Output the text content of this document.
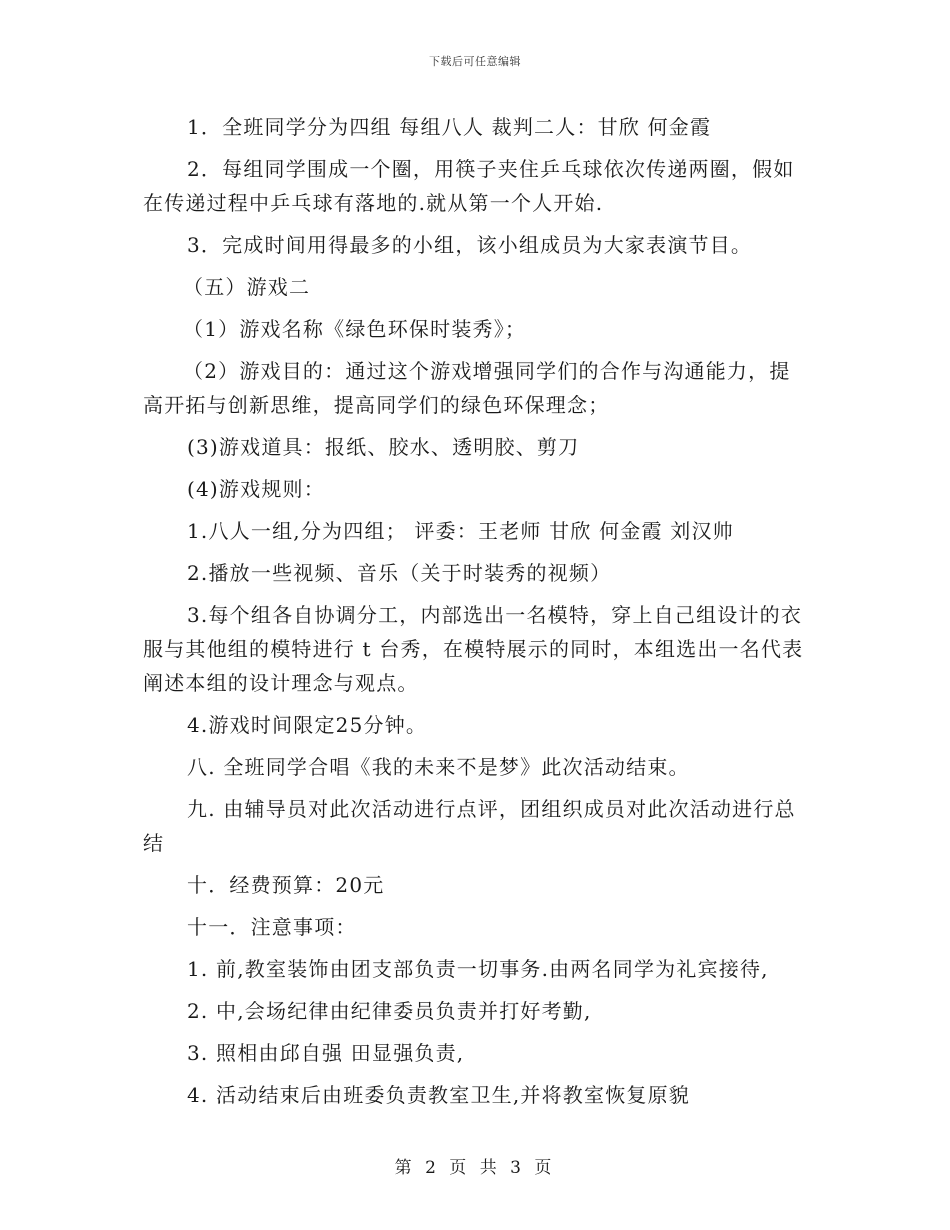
下载后可任意编辑

1．全班同学分为四组 每组八人 裁判二人：甘欣 何金霞

2．每组同学围成一个圈，用筷子夹住乒乓球依次传递两圈，假如在传递过程中乒乓球有落地的.就从第一个人开始.

3．完成时间用得最多的小组，该小组成员为大家表演节目。

（五）游戏二

（1）游戏名称《绿色环保时装秀》；

（2）游戏目的：通过这个游戏增强同学们的合作与沟通能力，提高开拓与创新思维，提高同学们的绿色环保理念；

(3)游戏道具：报纸、胶水、透明胶、剪刀

(4)游戏规则：

1.八人一组,分为四组； 评委：王老师 甘欣 何金霞 刘汉帅

2.播放一些视频、音乐（关于时装秀的视频）

3.每个组各自协调分工，内部选出一名模特，穿上自己组设计的衣服与其他组的模特进行 t 台秀，在模特展示的同时，本组选出一名代表阐述本组的设计理念与观点。

4.游戏时间限定25分钟。

八. 全班同学合唱《我的未来不是梦》此次活动结束。

九. 由辅导员对此次活动进行点评，团组织成员对此次活动进行总结

十．经费预算：20元

十一．注意事项：

1. 前,教室装饰由团支部负责一切事务.由两名同学为礼宾接待,

2. 中,会场纪律由纪律委员负责并打好考勤,

3. 照相由邱自强 田显强负责,

4. 活动结束后由班委负责教室卫生,并将教室恢复原貌

第 2 页 共 3 页
